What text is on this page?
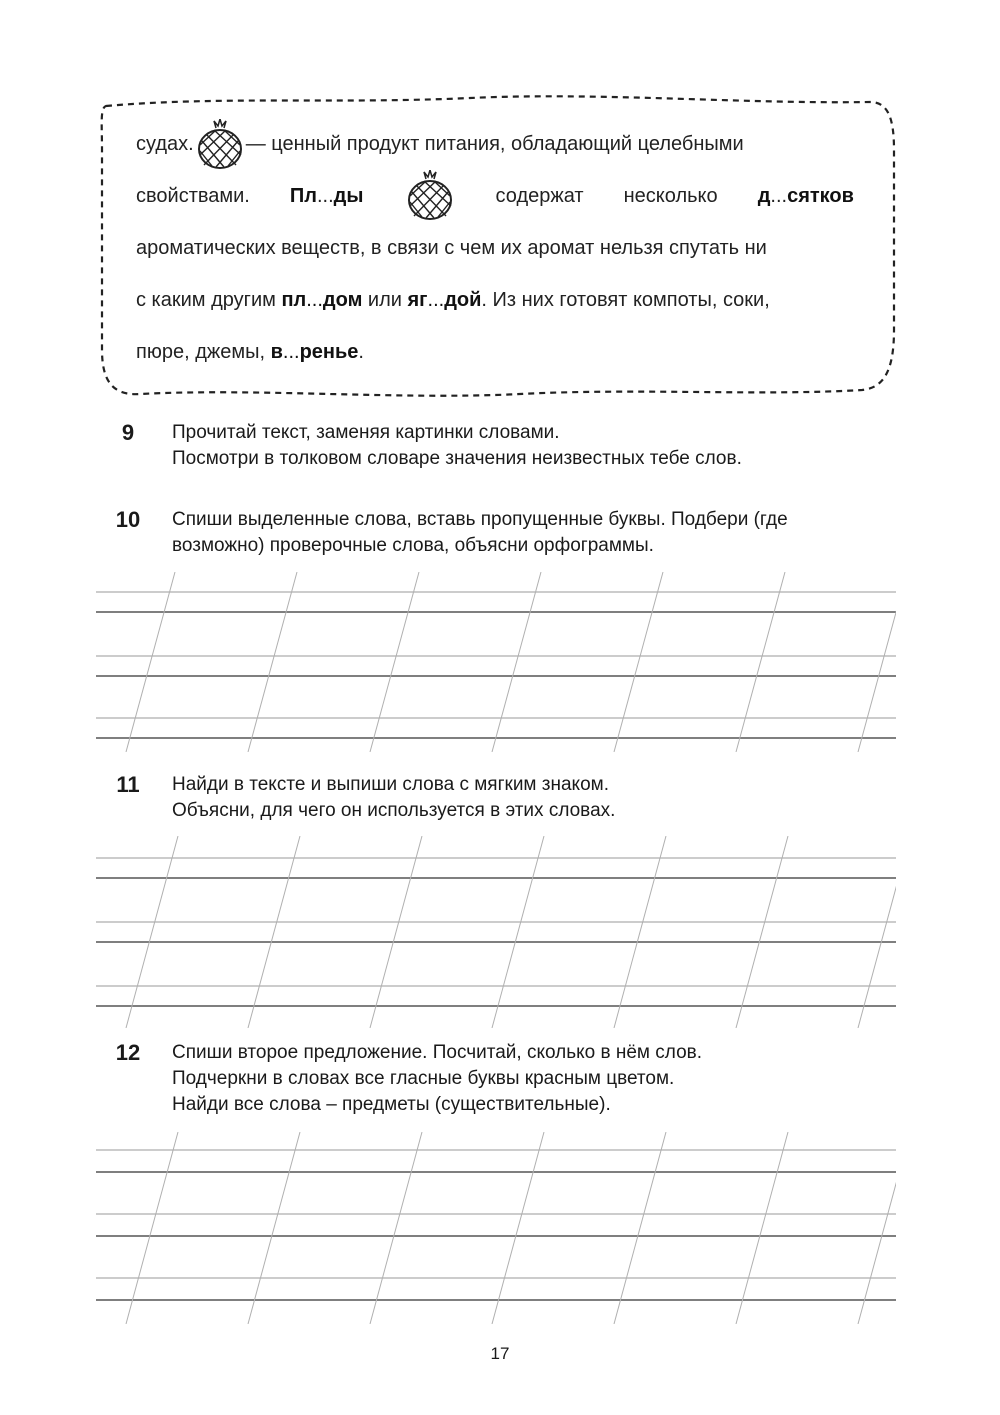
судах.	— ценный продукт питания, обладающий целебными
свойствами. Пл ... ды	содержат несколько д ... сятков
ароматических веществ, в связи с чем их аромат нельзя спутать ни
с каким другим пл...дом или яг...дой. Из них готовят компоты, соки,
пюре, джемы, в...ренье.
9	Прочитай текст, заменяя картинки словами.
Посмотри в толковом словаре значения неизвестных тебе слов.
10	Спиши выделенные слова, вставь пропущенные буквы. Подбери (где
возможно) проверочные слова, объясни орфограммы.
11	Найди в тексте и выпиши слова с мягким знаком.
Объясни, для чего он используется в этих словах.
12	Спиши второе предложение. Посчитай, сколько в нём слов.
Подчеркни в словах все гласные буквы красным цветом.
Найди все слова – предметы (существительные).
17
